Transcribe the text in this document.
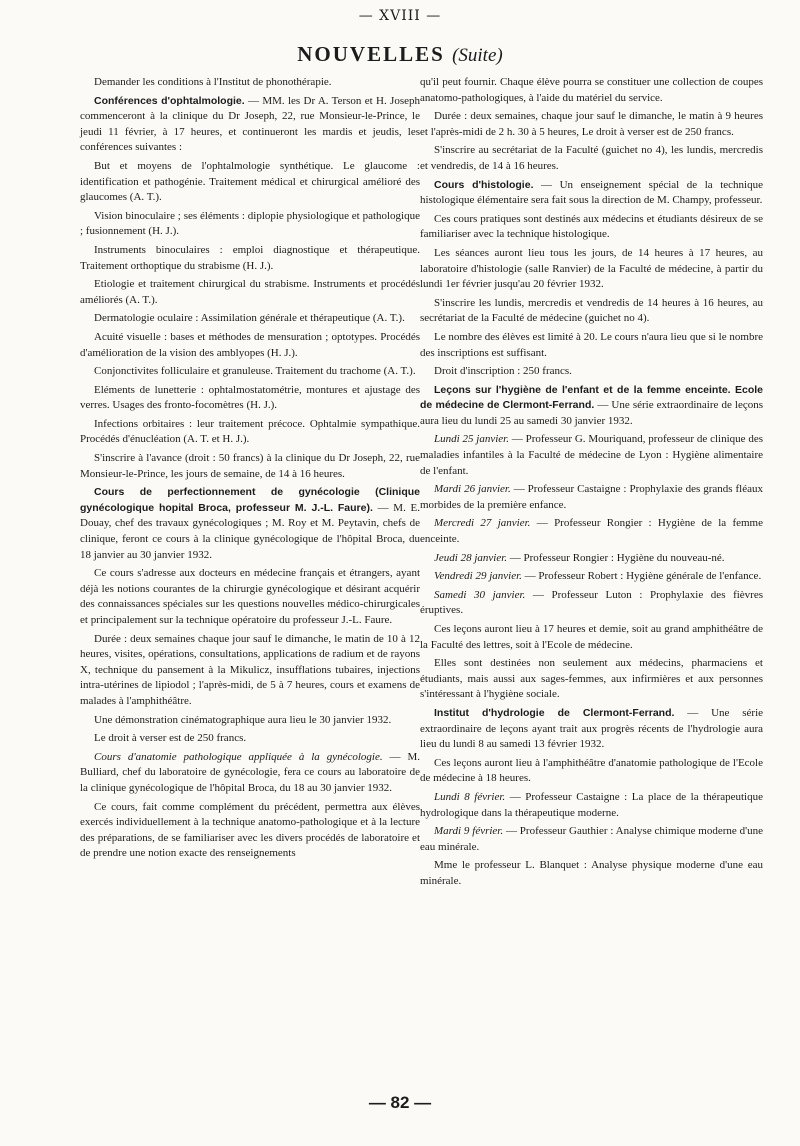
— XVIII —
NOUVELLES (Suite)

Demander les conditions à l'Institut de phonothérapie.

Conférences d'ophtalmologie. — MM. les Dr A. Terson et H. Joseph commenceront à la clinique du Dr Joseph, 22, rue Monsieur-le-Prince, le jeudi 11 février, à 17 heures, et continueront les mardis et jeudis, les conférences suivantes :

But et moyens de l'ophtalmologie synthétique. Le glaucome : identification et pathogénie. Traitement médical et chirurgical amélioré des glaucomes (A. T.).

Vision binoculaire ; ses éléments : diplopie physiologique et pathologique ; fusionnement (H. J.).

Instruments binoculaires : emploi diagnostique et thérapeutique. Traitement orthoptique du strabisme (H. J.).

Etiologie et traitement chirurgical du strabisme. Instruments et procédés améliorés (A. T.).

Dermatologie oculaire : Assimilation générale et thérapeutique (A. T.).

Acuité visuelle : bases et méthodes de mensuration ; optotypes. Procédés d'amélioration de la vision des amblyopes (H. J.).

Conjonctivites folliculaire et granuleuse. Traitement du trachome (A. T.).

Eléments de lunetterie : ophtalmostatométrie, montures et ajustage des verres. Usages des fronto-focomètres (H. J.).

Infections orbitaires : leur traitement précoce. Ophtalmie sympathique. Procédés d'énucléation (A. T. et H. J.).

S'inscrire à l'avance (droit : 50 francs) à la clinique du Dr Joseph, 22, rue Monsieur-le-Prince, les jours de semaine, de 14 à 16 heures.

Cours de perfectionnement de gynécologie (Clinique gynécologique hopital Broca, professeur M. J.-L. Faure). — M. E. Douay, chef des travaux gynécologiques ; M. Roy et M. Peytavin, chefs de clinique, feront ce cours à la clinique gynécologique de l'hôpital Broca, du 18 janvier au 30 janvier 1932.

Ce cours s'adresse aux docteurs en médecine français et étrangers, ayant déjà les notions courantes de la chirurgie gynécologique et désirant acquérir des connaissances spéciales sur les questions nouvelles médico-chirurgicales et principalement sur la technique opératoire du professeur J.-L. Faure.

Durée : deux semaines chaque jour sauf le dimanche, le matin de 10 à 12 heures, visites, opérations, consultations, applications de radium et de rayons X, technique du pansement à la Mikulicz, insufflations tubaires, injections intra-utérines de lipiodol ; l'après-midi, de 5 à 7 heures, cours et examens de malades à l'amphithéâtre.

Une démonstration cinématographique aura lieu le 30 janvier 1932.

Le droit à verser est de 250 francs.

Cours d'anatomie pathologique appliquée à la gynécologie. — M. Bulliard, chef du laboratoire de gynécologie, fera ce cours au laboratoire de la clinique gynécologique de l'hôpital Broca, du 18 au 30 janvier 1932.

Ce cours, fait comme complément du précédent, permettra aux élèves exercés individuellement à la technique anatomo-pathologique et à la lecture des préparations, de se familiariser avec les divers procédés de laboratoire et de prendre une notion exacte des renseignements

qu'il peut fournir. Chaque élève pourra se constituer une collection de coupes anatomo-pathologiques, à l'aide du matériel du service.

Durée : deux semaines, chaque jour sauf le dimanche, le matin à 9 heures et l'après-midi de 2 h. 30 à 5 heures, Le droit à verser est de 250 francs.

S'inscrire au secrétariat de la Faculté (guichet no 4), les lundis, mercredis et vendredis, de 14 à 16 heures.

Cours d'histologie. — Un enseignement spécial de la technique histologique élémentaire sera fait sous la direction de M. Champy, professeur.

Ces cours pratiques sont destinés aux médecins et étudiants désireux de se familiariser avec la technique histologique.

Les séances auront lieu tous les jours, de 14 heures à 17 heures, au laboratoire d'histologie (salle Ranvier) de la Faculté de médecine, à partir du lundi 1er février jusqu'au 20 février 1932.

S'inscrire les lundis, mercredis et vendredis de 14 heures à 16 heures, au secrétariat de la Faculté de médecine (guichet no 4).

Le nombre des élèves est limité à 20. Le cours n'aura lieu que si le nombre des inscriptions est suffisant.

Droit d'inscription : 250 francs.

Leçons sur l'hygiène de l'enfant et de la femme enceinte. Ecole de médecine de Clermont-Ferrand. — Une série extraordinaire de leçons aura lieu du lundi 25 au samedi 30 janvier 1932.

Lundi 25 janvier. — Professeur G. Mouriquand, professeur de clinique des maladies infantiles à la Faculté de médecine de Lyon : Hygiène alimentaire de l'enfant.

Mardi 26 janvier. — Professeur Castaigne : Prophylaxie des grands fléaux morbides de la première enfance.

Mercredi 27 janvier. — Professeur Rongier : Hygiène de la femme enceinte.

Jeudi 28 janvier. — Professeur Rongier : Hygiène du nouveau-né.

Vendredi 29 janvier. — Professeur Robert : Hygiène générale de l'enfance.

Samedi 30 janvier. — Professeur Luton : Prophylaxie des fièvres éruptives.

Ces leçons auront lieu à 17 heures et demie, soit au grand amphithéâtre de la Faculté des lettres, soit à l'Ecole de médecine.

Elles sont destinées non seulement aux médecins, pharmaciens et étudiants, mais aussi aux sages-femmes, aux infirmières et aux personnes s'intéressant à l'hygiène sociale.

Institut d'hydrologie de Clermont-Ferrand. — Une série extraordinaire de leçons ayant trait aux progrès récents de l'hydrologie aura lieu du lundi 8 au samedi 13 février 1932.

Ces leçons auront lieu à l'amphithéâtre d'anatomie pathologique de l'Ecole de médecine à 18 heures.

Lundi 8 février. — Professeur Castaigne : La place de la thérapeutique hydrologique dans la thérapeutique moderne.

Mardi 9 février. — Professeur Gauthier : Analyse chimique moderne d'une eau minérale.

Mme le professeur L. Blanquet : Analyse physique moderne d'une eau minérale.

— 82 —
